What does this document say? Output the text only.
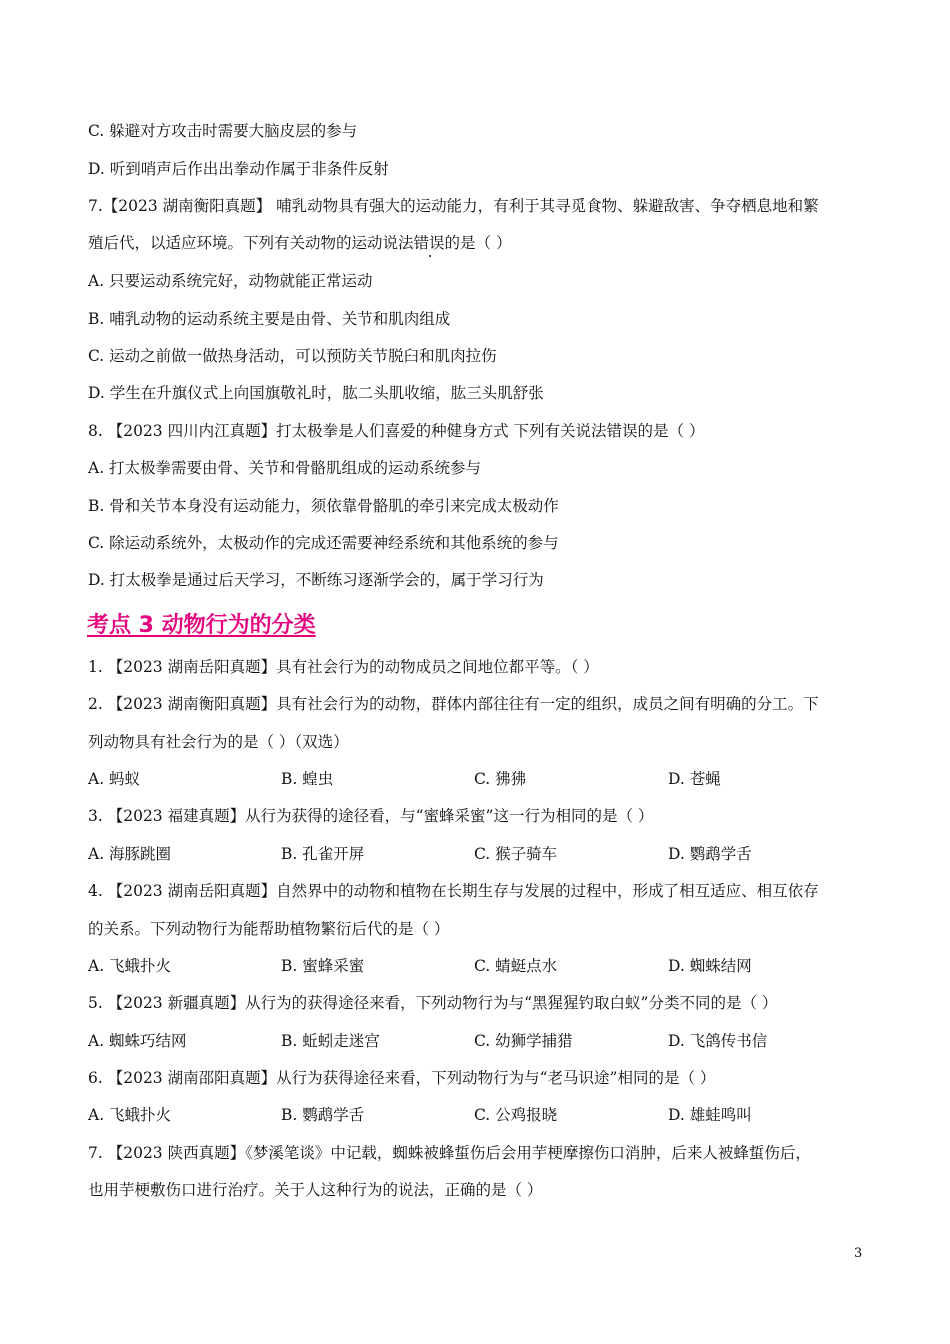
C. 躲避对方攻击时需要大脑皮层的参与
D. 听到哨声后作出出拳动作属于非条件反射
7.【2023 湖南衡阳真题】 哺乳动物具有强大的运动能力，有利于其寻觅食物、躲避敌害、争夺栖息地和繁
殖后代，以适应环境。下列有关动物的运动说法错误的是（ ）
A. 只要运动系统完好，动物就能正常运动
B. 哺乳动物的运动系统主要是由骨、关节和肌肉组成
C. 运动之前做一做热身活动，可以预防关节脱臼和肌肉拉伤
D. 学生在升旗仪式上向国旗敬礼时，肱二头肌收缩，肱三头肌舒张
8. 【2023 四川内江真题】打太极拳是人们喜爱的种健身方式 下列有关说法错误的是（ ）
A. 打太极拳需要由骨、关节和骨骼肌组成的运动系统参与
B. 骨和关节本身没有运动能力，须依靠骨骼肌的牵引来完成太极动作
C. 除运动系统外，太极动作的完成还需要神经系统和其他系统的参与
D. 打太极拳是通过后天学习，不断练习逐渐学会的，属于学习行为
考点 3 动物行为的分类
1. 【2023 湖南岳阳真题】具有社会行为的动物成员之间地位都平等。（ ）
2. 【2023 湖南衡阳真题】具有社会行为的动物，群体内部往往有一定的组织，成员之间有明确的分工。下
列动物具有社会行为的是（ ）（双选）
A. 蚂蚁	B. 蝗虫	C. 狒狒	D. 苍蝇
3. 【2023 福建真题】从行为获得的途径看，与“蜜蜂采蜜”这一行为相同的是（ ）
A. 海豚跳圈	B. 孔雀开屏	C. 猴子骑车	D. 鹦鹉学舌
4. 【2023 湖南岳阳真题】自然界中的动物和植物在长期生存与发展的过程中，形成了相互适应、相互依存
的关系。下列动物行为能帮助植物繁衍后代的是（ ）
A. 飞蛾扑火	B. 蜜蜂采蜜	C. 蜻蜓点水	D. 蜘蛛结网
5. 【2023 新疆真题】从行为的获得途径来看，下列动物行为与“黑猩猩钓取白蚁”分类不同的是（ ）
A. 蜘蛛巧结网	B. 蚯蚓走迷宫	C. 幼狮学捕猎	D. 飞鸽传书信
6. 【2023 湖南邵阳真题】从行为获得途径来看，下列动物行为与“老马识途”相同的是（ ）
A. 飞蛾扑火	B. 鹦鹉学舌	C. 公鸡报晓	D. 雄蛙鸣叫
7. 【2023 陕西真题】《梦溪笔谈》中记载，蜘蛛被蜂蜇伤后会用芋梗摩擦伤口消肿，后来人被蜂蜇伤后，
也用芋梗敷伤口进行治疗。关于人这种行为的说法，正确的是（ ）
3
